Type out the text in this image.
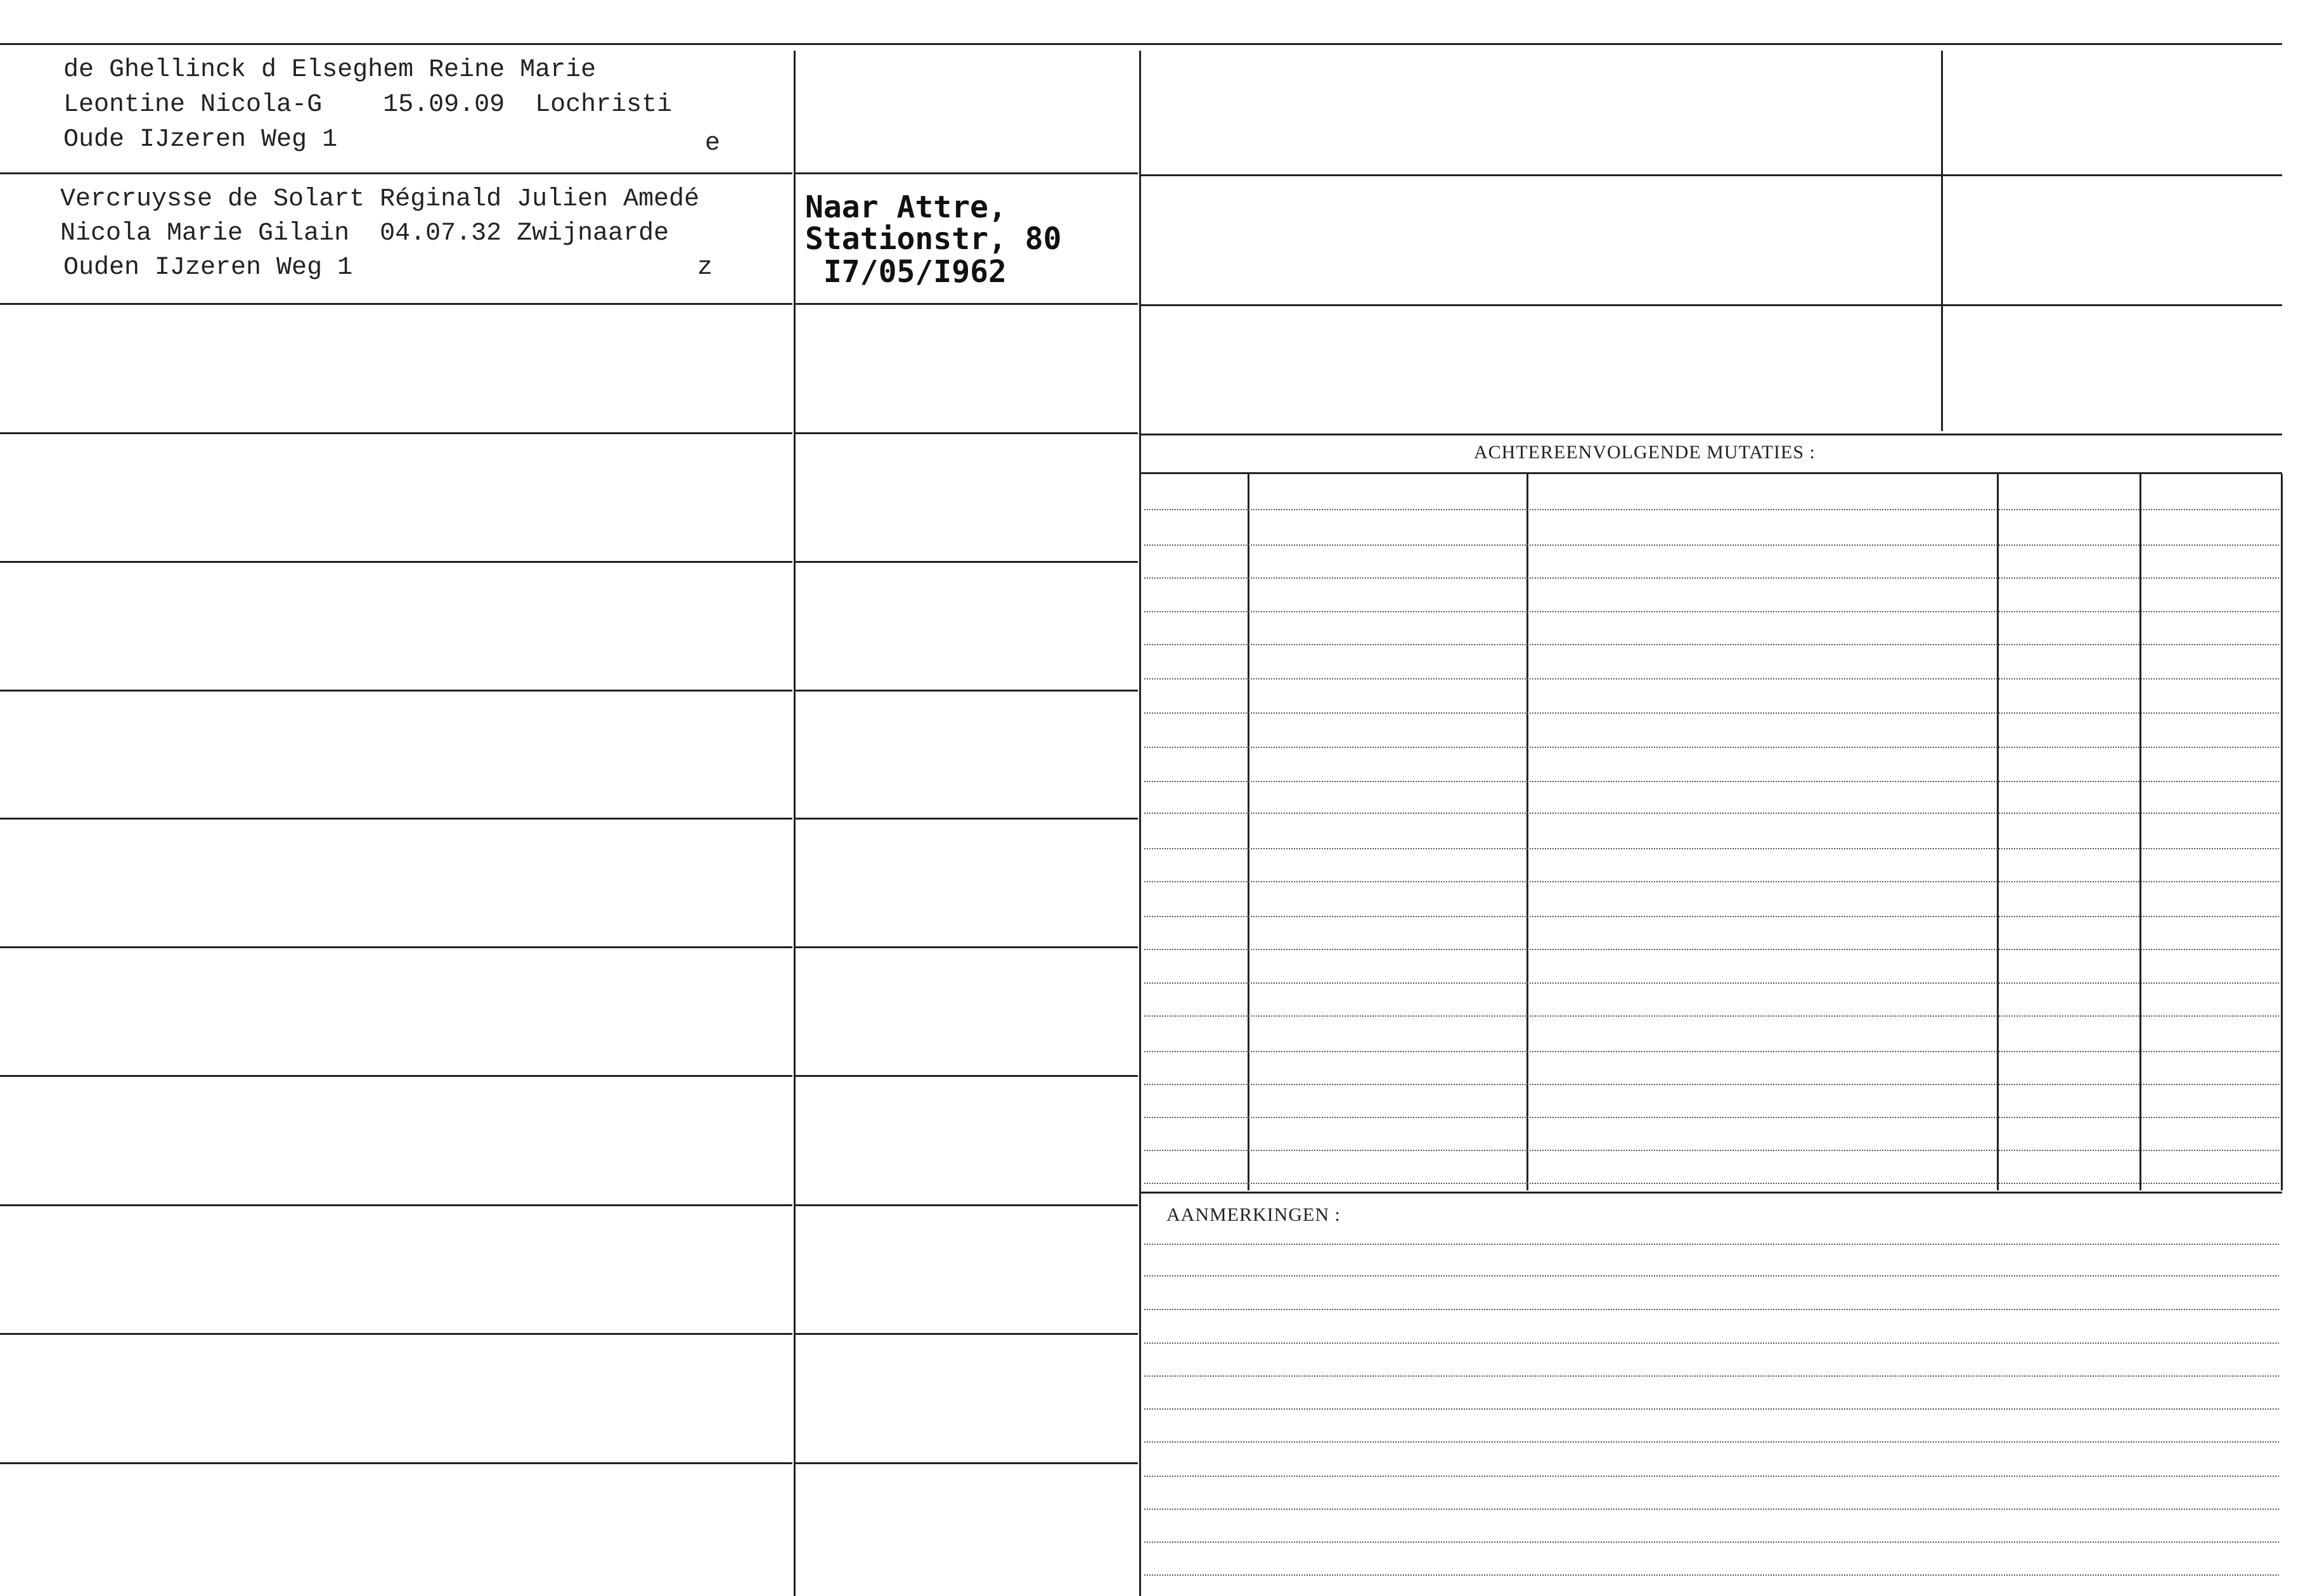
ACHTEREENVOLGENDE MUTATIES :
AANMERKINGEN :
de Ghellinck d Elseghem Reine Marie
Leontine Nicola-G    15.09.09  Lochristi
Oude IJzeren Weg 1	e
Vercruysse de Solart Réginald Julien Amedé
Nicola Marie Gilain  04.07.32 Zwijnaarde
Ouden IJzeren Weg 1	z
Naar Attre,
Stationstr, 80
I7/05/I962
